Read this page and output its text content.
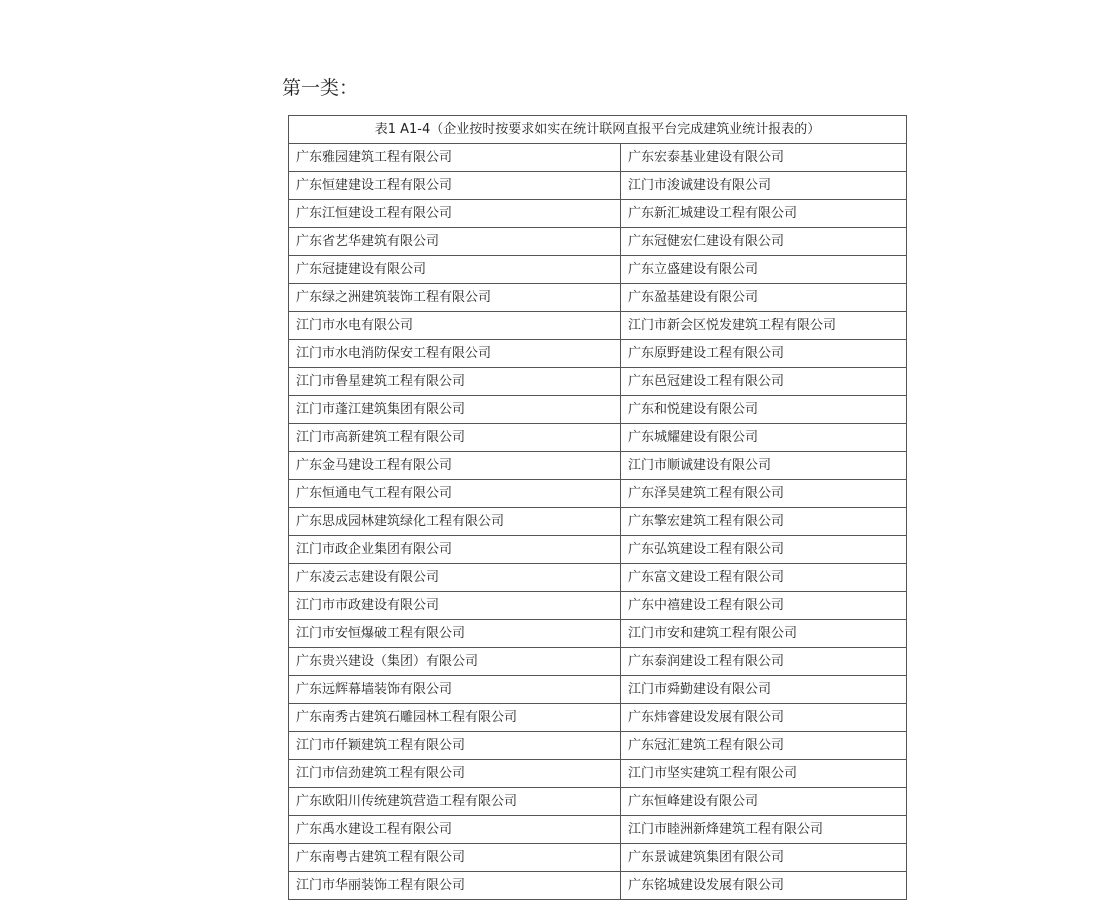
第一类：
表1 A1-4（企业按时按要求如实在统计联网直报平台完成建筑业统计报表的）	
广东雅园建筑工程有限公司	广东宏泰基业建设有限公司
广东恒建建设工程有限公司	江门市浚诚建设有限公司
广东江恒建设工程有限公司	广东新汇城建设工程有限公司
广东省艺华建筑有限公司	广东冠健宏仁建设有限公司
广东冠捷建设有限公司	广东立盛建设有限公司
广东绿之洲建筑装饰工程有限公司	广东盈基建设有限公司
江门市水电有限公司	江门市新会区悦发建筑工程有限公司
江门市水电消防保安工程有限公司	广东原野建设工程有限公司
江门市鲁星建筑工程有限公司	广东邑冠建设工程有限公司
江门市蓬江建筑集团有限公司	广东和悦建设有限公司
江门市高新建筑工程有限公司	广东城耀建设有限公司
广东金马建设工程有限公司	江门市顺诚建设有限公司
广东恒通电气工程有限公司	广东泽昊建筑工程有限公司
广东思成园林建筑绿化工程有限公司	广东擎宏建筑工程有限公司
江门市政企业集团有限公司	广东弘筑建设工程有限公司
广东凌云志建设有限公司	广东富文建设工程有限公司
江门市市政建设有限公司	广东中禧建设工程有限公司
江门市安恒爆破工程有限公司	江门市安和建筑工程有限公司
广东贵兴建设（集团）有限公司	广东泰润建设工程有限公司
广东远辉幕墙装饰有限公司	江门市舜勤建设有限公司
广东南秀古建筑石雕园林工程有限公司	广东炜睿建设发展有限公司
江门市仟颖建筑工程有限公司	广东冠汇建筑工程有限公司
江门市信劲建筑工程有限公司	江门市坚实建筑工程有限公司
广东欧阳川传统建筑营造工程有限公司	广东恒峰建设有限公司
广东禹水建设工程有限公司	江门市睦洲新烽建筑工程有限公司
广东南粤古建筑工程有限公司	广东景诚建筑集团有限公司
江门市华丽装饰工程有限公司	广东铭城建设发展有限公司
